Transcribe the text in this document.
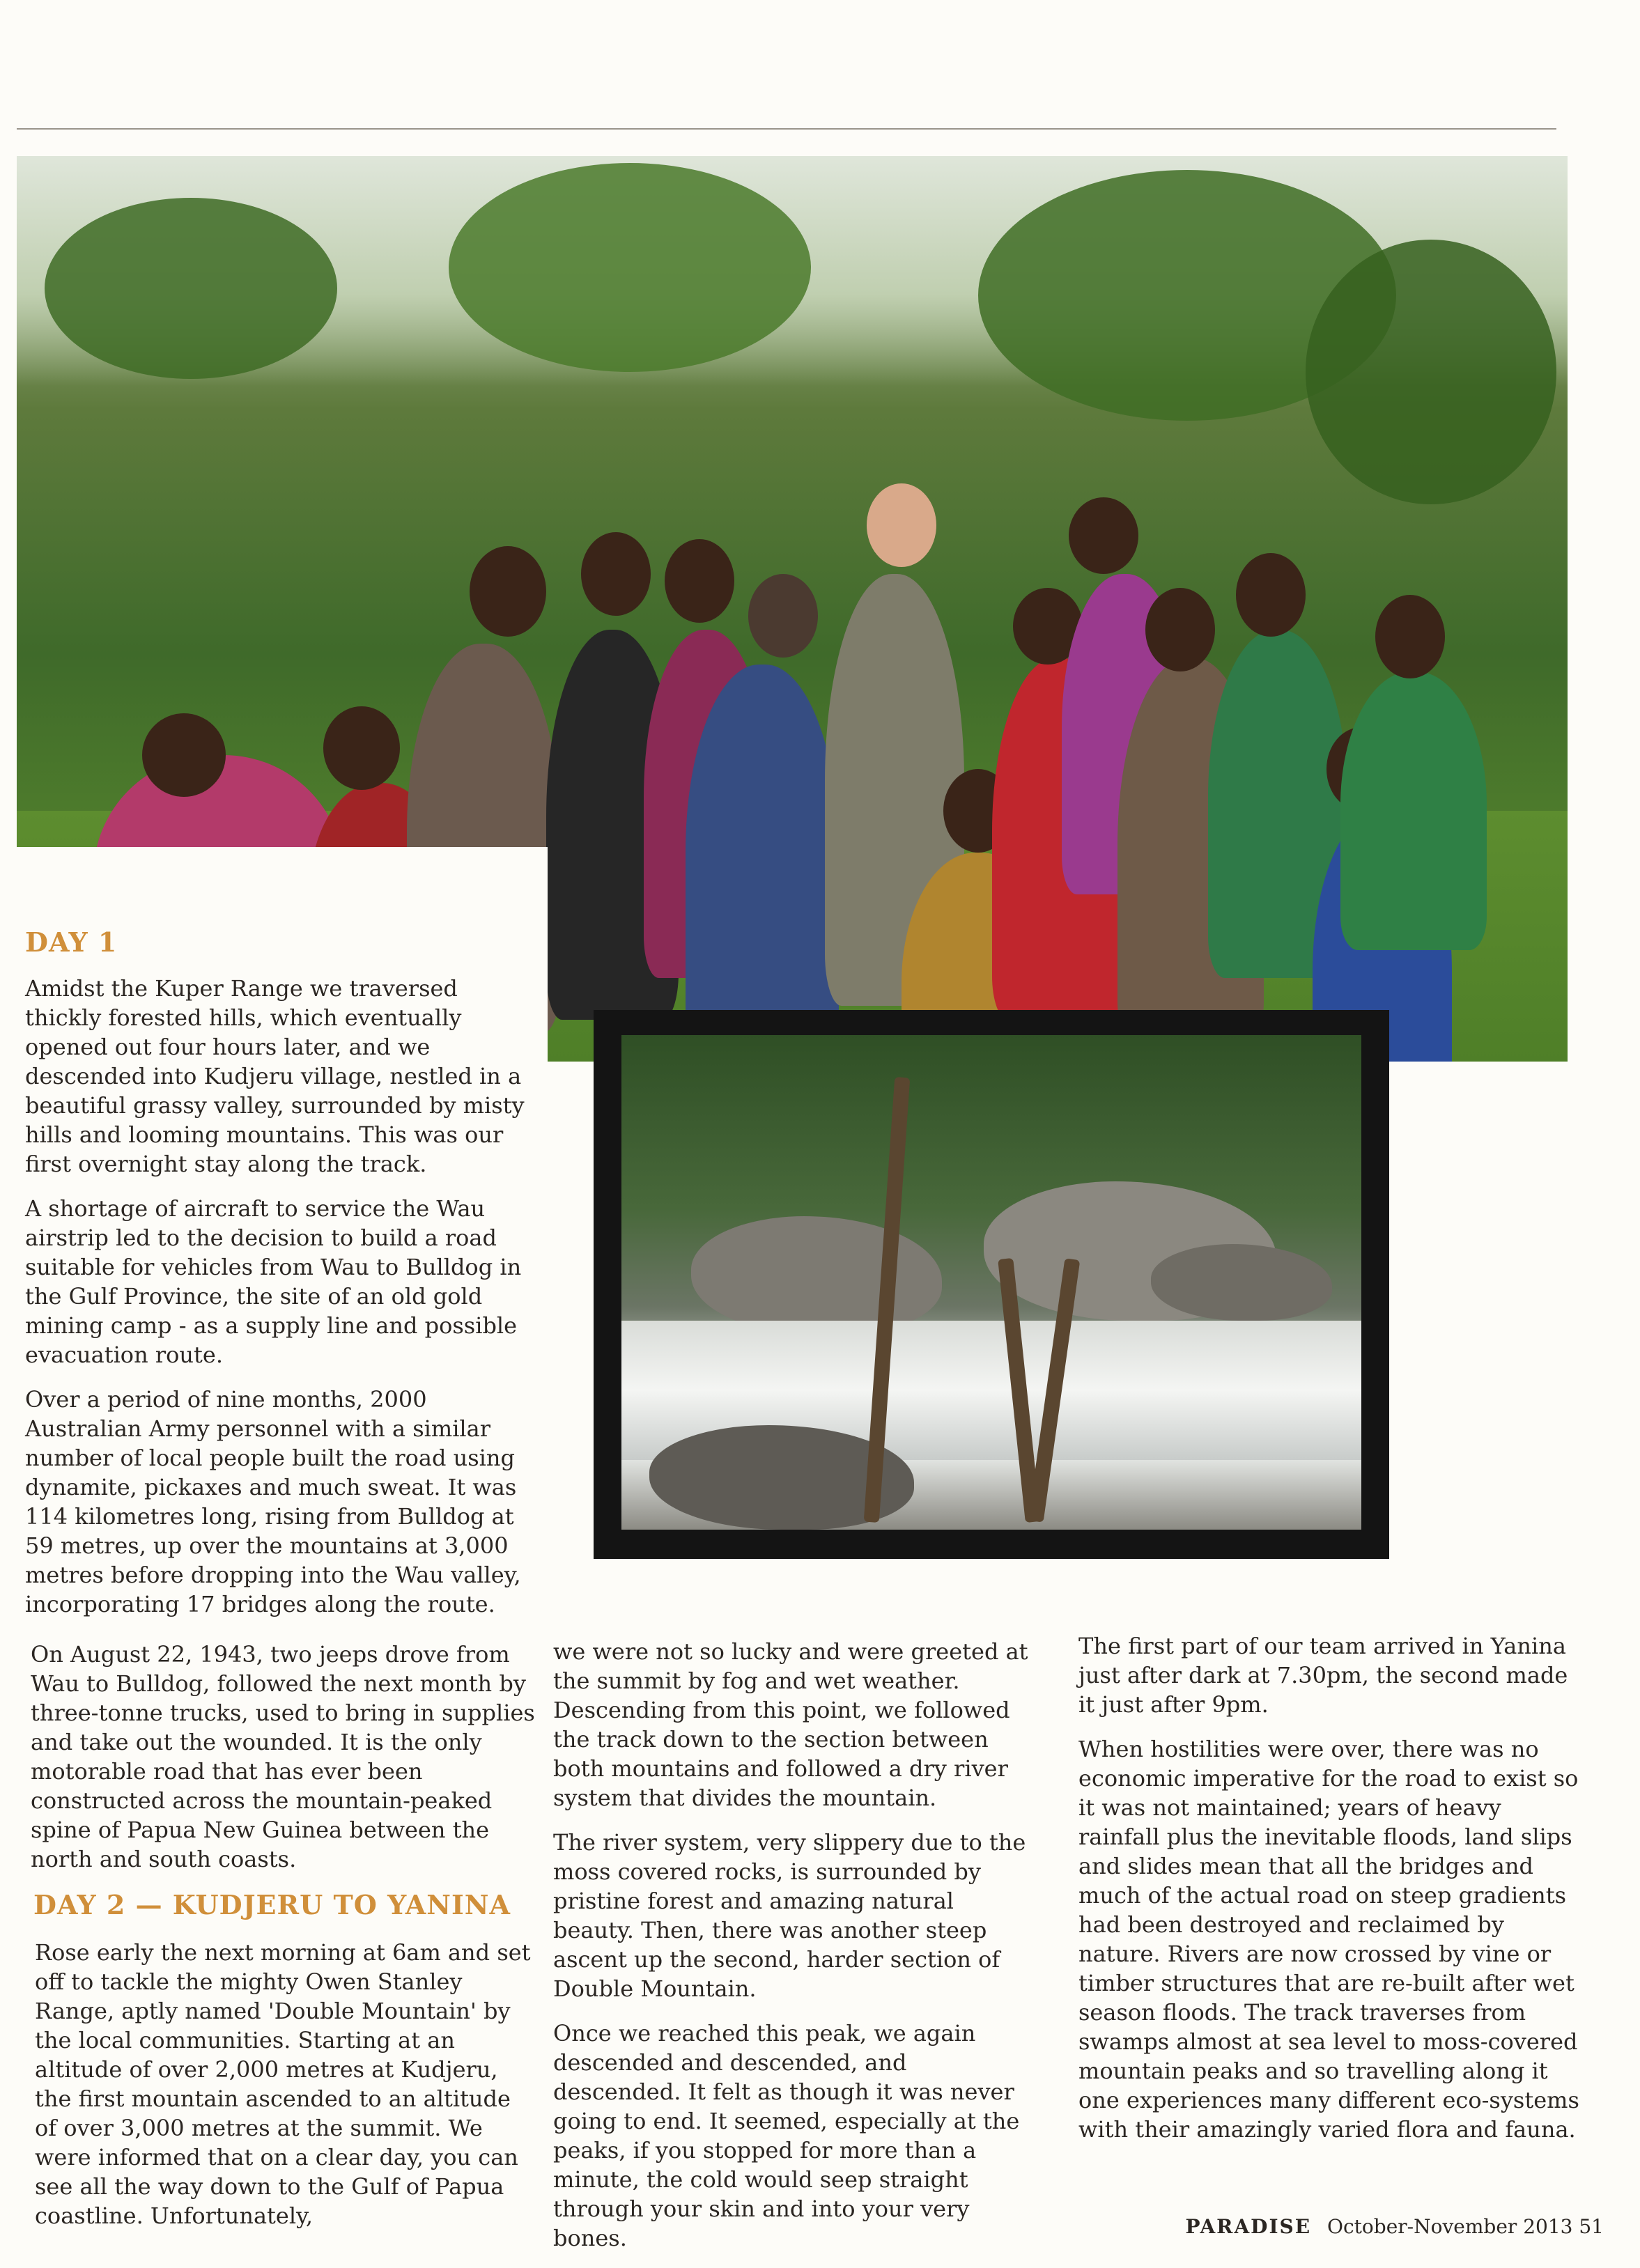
DAY 1

Amidst the Kuper Range we traversed thickly forested hills, which eventually opened out four hours later, and we descended into Kudjeru village, nestled in a beautiful grassy valley, surrounded by misty hills and looming mountains. This was our first overnight stay along the track.

A shortage of aircraft to service the Wau airstrip led to the decision to build a road suitable for vehicles from Wau to Bulldog in the Gulf Province, the site of an old gold mining camp - as a supply line and possible evacuation route.

Over a period of nine months, 2000 Australian Army personnel with a similar number of local people built the road using dynamite, pickaxes and much sweat. It was 114 kilometres long, rising from Bulldog at 59 metres, up over the mountains at 3,000 metres before dropping into the Wau valley, incorporating 17 bridges along the route.

On August 22, 1943, two jeeps drove from Wau to Bulldog, followed the next month by three-tonne trucks, used to bring in supplies and take out the wounded. It is the only motorable road that has ever been constructed across the mountain-peaked spine of Papua New Guinea between the north and south coasts.

DAY 2 — KUDJERU TO YANINA

Rose early the next morning at 6am and set off to tackle the mighty Owen Stanley Range, aptly named 'Double Mountain' by the local communities. Starting at an altitude of over 2,000 metres at Kudjeru, the first mountain ascended to an altitude of over 3,000 metres at the summit. We were informed that on a clear day, you can see all the way down to the Gulf of Papua coastline. Unfortunately,

we were not so lucky and were greeted at the summit by fog and wet weather. Descending from this point, we followed the track down to the section between both mountains and followed a dry river system that divides the mountain.

The river system, very slippery due to the moss covered rocks, is surrounded by pristine forest and amazing natural beauty. Then, there was another steep ascent up the second, harder section of Double Mountain.

Once we reached this peak, we again descended and descended, and descended. It felt as though it was never going to end. It seemed, especially at the peaks, if you stopped for more than a minute, the cold would seep straight through your skin and into your very bones.

The first part of our team arrived in Yanina just after dark at 7.30pm, the second made it just after 9pm.

When hostilities were over, there was no economic imperative for the road to exist so it was not maintained; years of heavy rainfall plus the inevitable floods, land slips and slides mean that all the bridges and much of the actual road on steep gradients had been destroyed and reclaimed by nature. Rivers are now crossed by vine or timber structures that are re-built after wet season floods. The track traverses from swamps almost at sea level to moss-covered mountain peaks and so travelling along it one experiences many different eco-systems with their amazingly varied flora and fauna.

PARADISE October-November 2013 51
